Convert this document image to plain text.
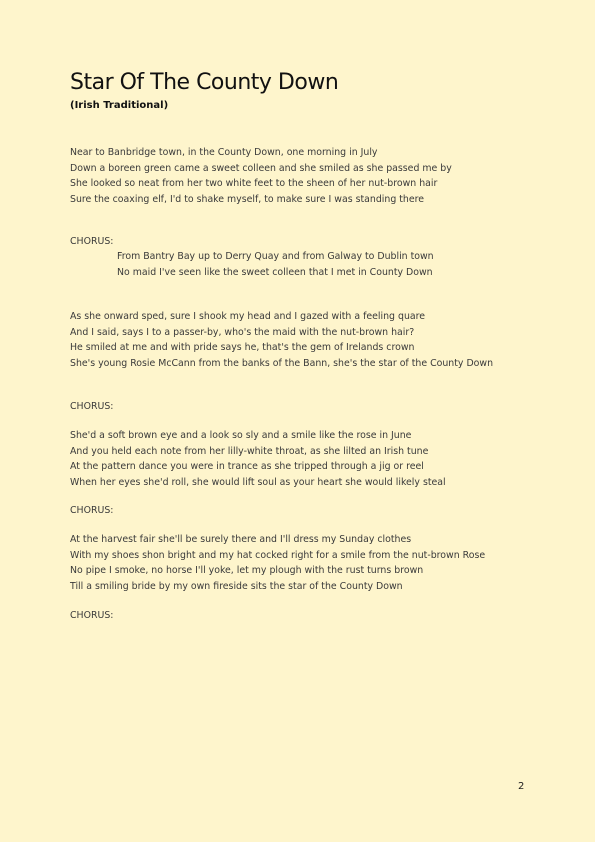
Star Of The County Down
(Irish Traditional)
Near to Banbridge town, in the County Down, one morning in July
Down a boreen green came a sweet colleen and she smiled as she passed me by
She looked so neat from her two white feet to the sheen of her nut-brown hair
Sure the coaxing elf, I'd to shake myself, to make sure I was standing there
CHORUS:
From Bantry Bay up to Derry Quay and from Galway to Dublin town
No maid I've seen like the sweet colleen that I met in County Down
As she onward sped, sure I shook my head and I gazed with a feeling quare
And I said, says I to a passer-by, who's the maid with the nut-brown hair?
He smiled at me and with pride says he, that's the gem of Irelands crown
She's young Rosie McCann from the banks of the Bann, she's the star of the County Down
CHORUS:
She'd a soft brown eye and a look so sly and a smile like the rose in June
And you held each note from her lilly-white throat, as she lilted an Irish tune
At the pattern dance you were in trance as she tripped through a jig or reel
When her eyes she'd roll, she would lift soul as your heart she would likely steal
CHORUS:
At the harvest fair she'll be surely there and I'll dress my Sunday clothes
With my shoes shon bright and my hat cocked right for a smile from the nut-brown Rose
No pipe I smoke, no horse I'll yoke, let my plough with the rust turns brown
Till a smiling bride by my own fireside sits the star of the County Down
CHORUS:
2
